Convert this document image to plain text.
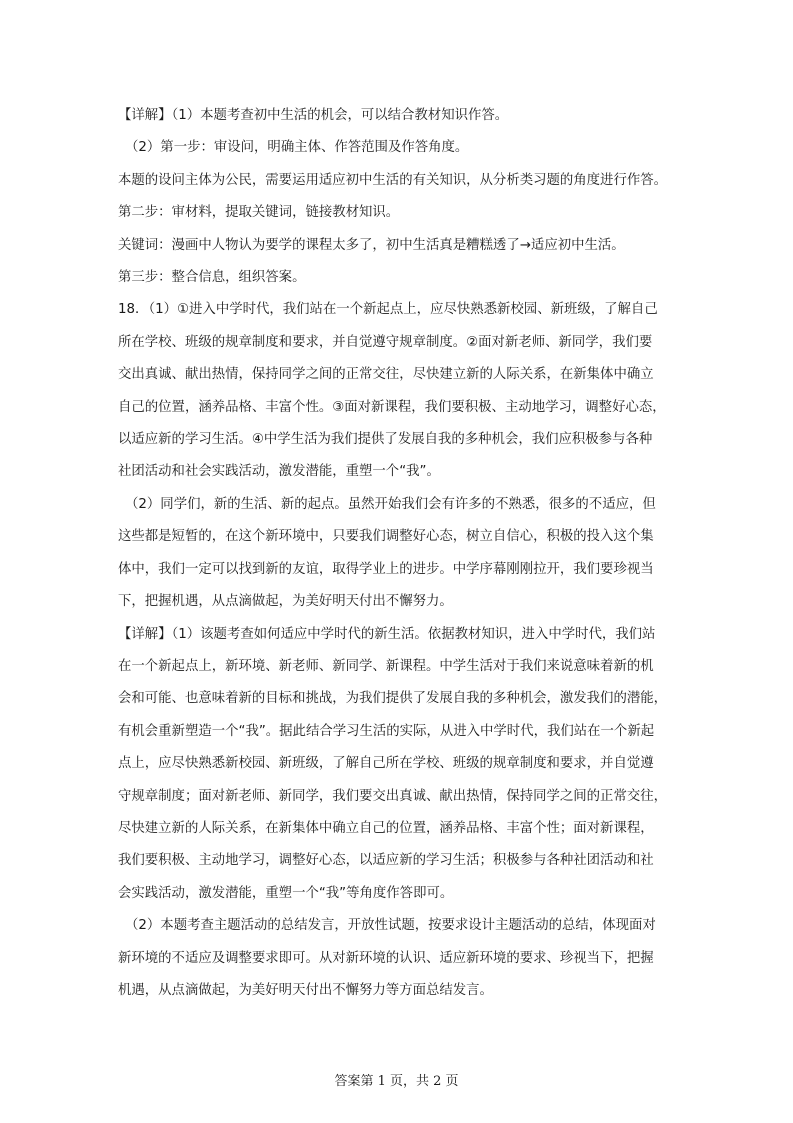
【详解】（1）本题考查初中生活的机会，可以结合教材知识作答。
（2）第一步：审设问，明确主体、作答范围及作答角度。
本题的设问主体为公民，需要运用适应初中生活的有关知识，从分析类习题的角度进行作答。
第二步：审材料，提取关键词，链接教材知识。
关键词：漫画中人物认为要学的课程太多了，初中生活真是糟糕透了→适应初中生活。
第三步：整合信息，组织答案。
18．（1）①进入中学时代，我们站在一个新起点上，应尽快熟悉新校园、新班级，了解自己
所在学校、班级的规章制度和要求，并自觉遵守规章制度。②面对新老师、新同学，我们要
交出真诚、献出热情，保持同学之间的正常交往，尽快建立新的人际关系，在新集体中确立
自己的位置，涵养品格、丰富个性。③面对新课程，我们要积极、主动地学习，调整好心态，
以适应新的学习生活。④中学生活为我们提供了发展自我的多种机会，我们应积极参与各种
社团活动和社会实践活动，激发潜能，重塑一个“我”。
（2）同学们，新的生活、新的起点。虽然开始我们会有许多的不熟悉，很多的不适应，但
这些都是短暂的，在这个新环境中，只要我们调整好心态，树立自信心，积极的投入这个集
体中，我们一定可以找到新的友谊，取得学业上的进步。中学序幕刚刚拉开，我们要珍视当
下，把握机遇，从点滴做起，为美好明天付出不懈努力。
【详解】（1）该题考查如何适应中学时代的新生活。依据教材知识，进入中学时代，我们站
在一个新起点上，新环境、新老师、新同学、新课程。中学生活对于我们来说意味着新的机
会和可能、也意味着新的目标和挑战，为我们提供了发展自我的多种机会，激发我们的潜能，
有机会重新塑造一个“我”。据此结合学习生活的实际，从进入中学时代，我们站在一个新起
点上，应尽快熟悉新校园、新班级，了解自己所在学校、班级的规章制度和要求，并自觉遵
守规章制度；面对新老师、新同学，我们要交出真诚、献出热情，保持同学之间的正常交往，
尽快建立新的人际关系，在新集体中确立自己的位置，涵养品格、丰富个性；面对新课程，
我们要积极、主动地学习，调整好心态，以适应新的学习生活；积极参与各种社团活动和社
会实践活动，激发潜能，重塑一个“我”等角度作答即可。
（2）本题考查主题活动的总结发言，开放性试题，按要求设计主题活动的总结，体现面对
新环境的不适应及调整要求即可。从对新环境的认识、适应新环境的要求、珍视当下，把握
机遇，从点滴做起，为美好明天付出不懈努力等方面总结发言。
答案第 1 页，共 2 页
